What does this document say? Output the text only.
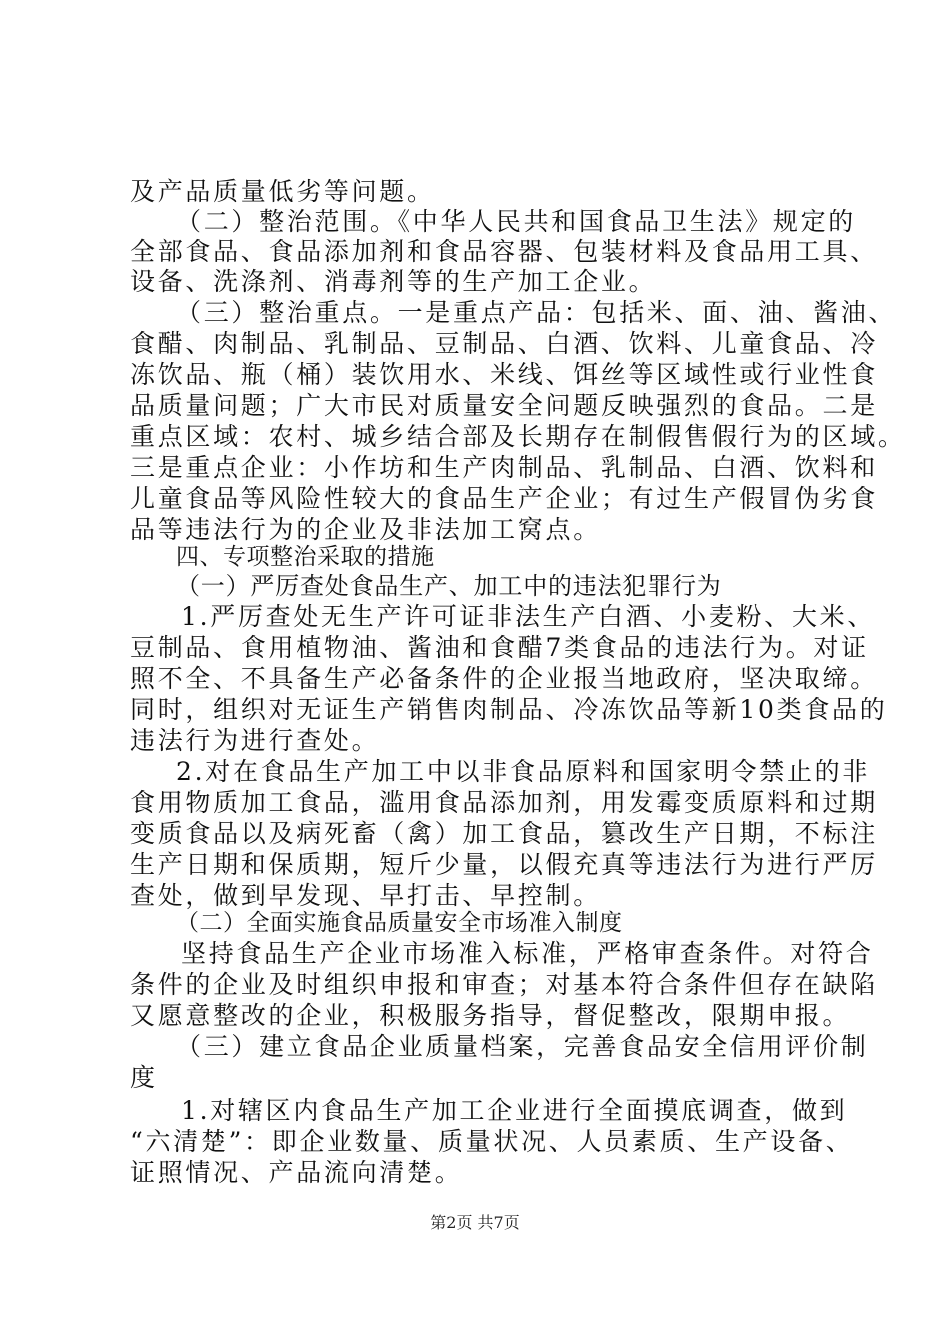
及产品质量低劣等问题。
（二）整治范围。《中华人民共和国食品卫生法》规定的
全部食品、食品添加剂和食品容器、包装材料及食品用工具、
设备、洗涤剂、消毒剂等的生产加工企业。
（三）整治重点。一是重点产品：包括米、面、油、酱油、
食醋、肉制品、乳制品、豆制品、白酒、饮料、儿童食品、冷
冻饮品、瓶（桶）装饮用水、米线、饵丝等区域性或行业性食
品质量问题；广大市民对质量安全问题反映强烈的食品。二是
重点区域：农村、城乡结合部及长期存在制假售假行为的区域。
三是重点企业：小作坊和生产肉制品、乳制品、白酒、饮料和
儿童食品等风险性较大的食品生产企业；有过生产假冒伪劣食
品等违法行为的企业及非法加工窝点。
四、专项整治采取的措施
（一）严厉查处食品生产、加工中的违法犯罪行为
1.严厉查处无生产许可证非法生产白酒、小麦粉、大米、
豆制品、食用植物油、酱油和食醋7类食品的违法行为。对证
照不全、不具备生产必备条件的企业报当地政府，坚决取缔。
同时，组织对无证生产销售肉制品、冷冻饮品等新10类食品的
违法行为进行查处。
2.对在食品生产加工中以非食品原料和国家明令禁止的非
食用物质加工食品，滥用食品添加剂，用发霉变质原料和过期
变质食品以及病死畜（禽）加工食品，篡改生产日期，不标注
生产日期和保质期，短斤少量，以假充真等违法行为进行严厉
查处，做到早发现、早打击、早控制。
（二）全面实施食品质量安全市场准入制度
坚持食品生产企业市场准入标准，严格审查条件。对符合
条件的企业及时组织申报和审查；对基本符合条件但存在缺陷
又愿意整改的企业，积极服务指导，督促整改，限期申报。
（三）建立食品企业质量档案，完善食品安全信用评价制
度
1.对辖区内食品生产加工企业进行全面摸底调查，做到
“六清楚”：即企业数量、质量状况、人员素质、生产设备、
证照情况、产品流向清楚。
第2页 共7页
